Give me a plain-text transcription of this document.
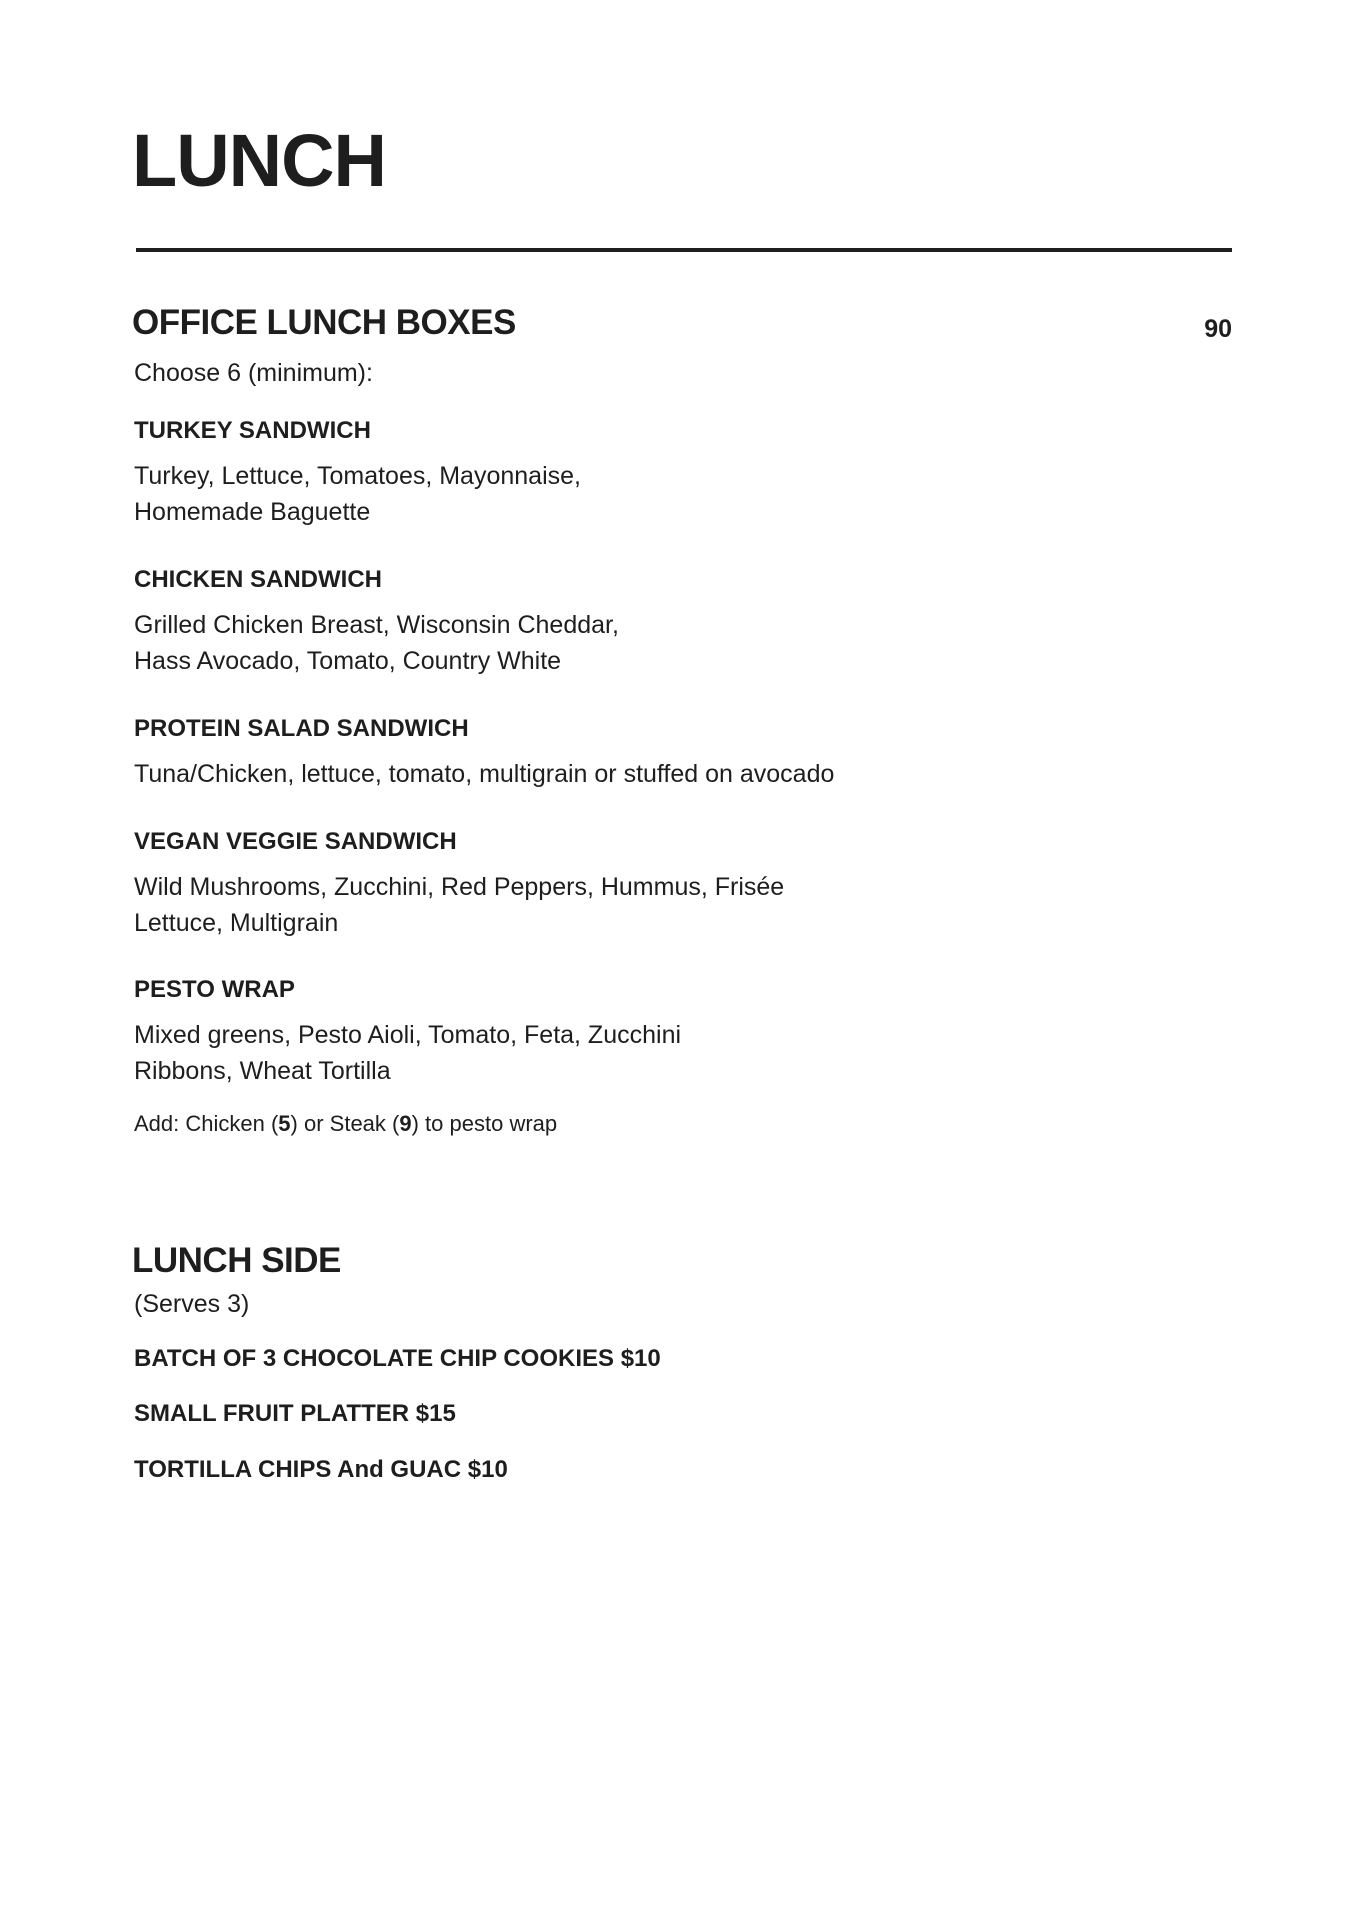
LUNCH
OFFICE LUNCH BOXES	90
Choose 6 (minimum):
TURKEY SANDWICH
Turkey, Lettuce, Tomatoes, Mayonnaise,
Homemade Baguette
CHICKEN SANDWICH
Grilled Chicken Breast, Wisconsin Cheddar,
Hass Avocado, Tomato, Country White
PROTEIN SALAD SANDWICH
Tuna/Chicken, lettuce, tomato, multigrain or stuffed on avocado
VEGAN VEGGIE SANDWICH
Wild Mushrooms, Zucchini, Red Peppers, Hummus, Frisée
Lettuce, Multigrain
PESTO WRAP
Mixed greens, Pesto Aioli, Tomato, Feta, Zucchini
Ribbons, Wheat Tortilla
Add: Chicken (5) or Steak (9) to pesto wrap
LUNCH SIDE
(Serves 3)
BATCH OF 3 CHOCOLATE CHIP COOKIES $10
SMALL FRUIT PLATTER $15
TORTILLA CHIPS And GUAC $10
